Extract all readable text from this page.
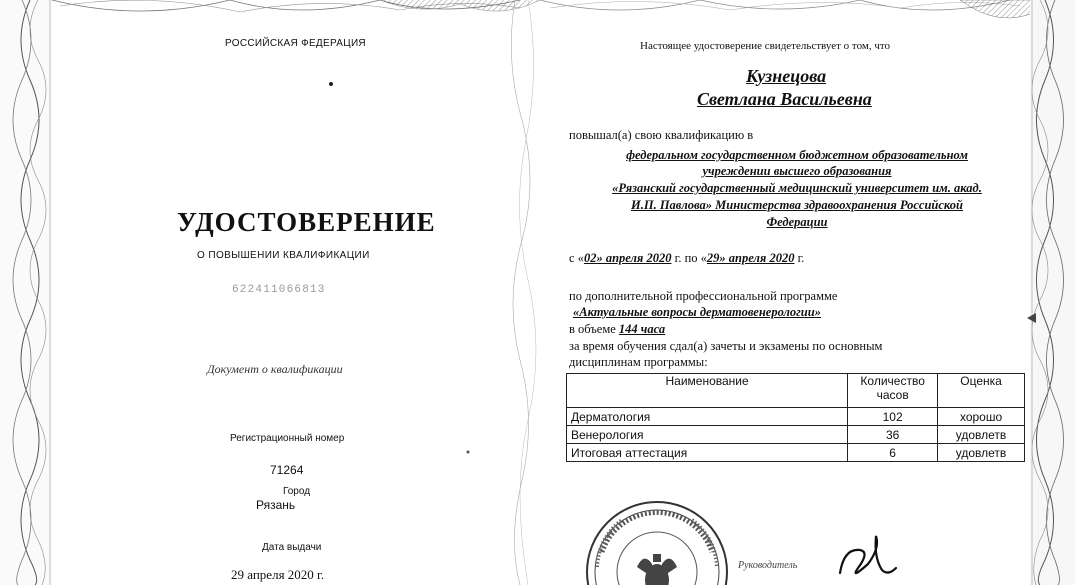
РОССИЙСКАЯ ФЕДЕРАЦИЯ
УДОСТОВЕРЕНИЕ
О ПОВЫШЕНИИ КВАЛИФИКАЦИИ
622411066813
Документ о квалификации
Регистрационный номер
71264
Город
Рязань
Дата выдачи
29 апреля 2020 г.
Настоящее удостоверение свидетельствует о том, что
Кузнецова
Светлана Васильевна
повышал(а) свою квалификацию в
федеральном государственном бюджетном образовательном
учреждении высшего образования
«Рязанский государственный медицинский университет им. акад.
И.П. Павлова» Министерства здравоохранения Российской
Федерации
с «02» апреля 2020 г. по «29» апреля 2020 г.
по дополнительной профессиональной программе
«Актуальные вопросы дерматовенерологии»
в объеме 144 часа
за время обучения сдал(а) зачеты и экзамены по основным
дисциплинам программы:
Наименование	Количество часов	Оценка
Дерматология	102	хорошо
Венерология	36	удовлетв
Итоговая аттестация	6	удовлетв
Руководитель
